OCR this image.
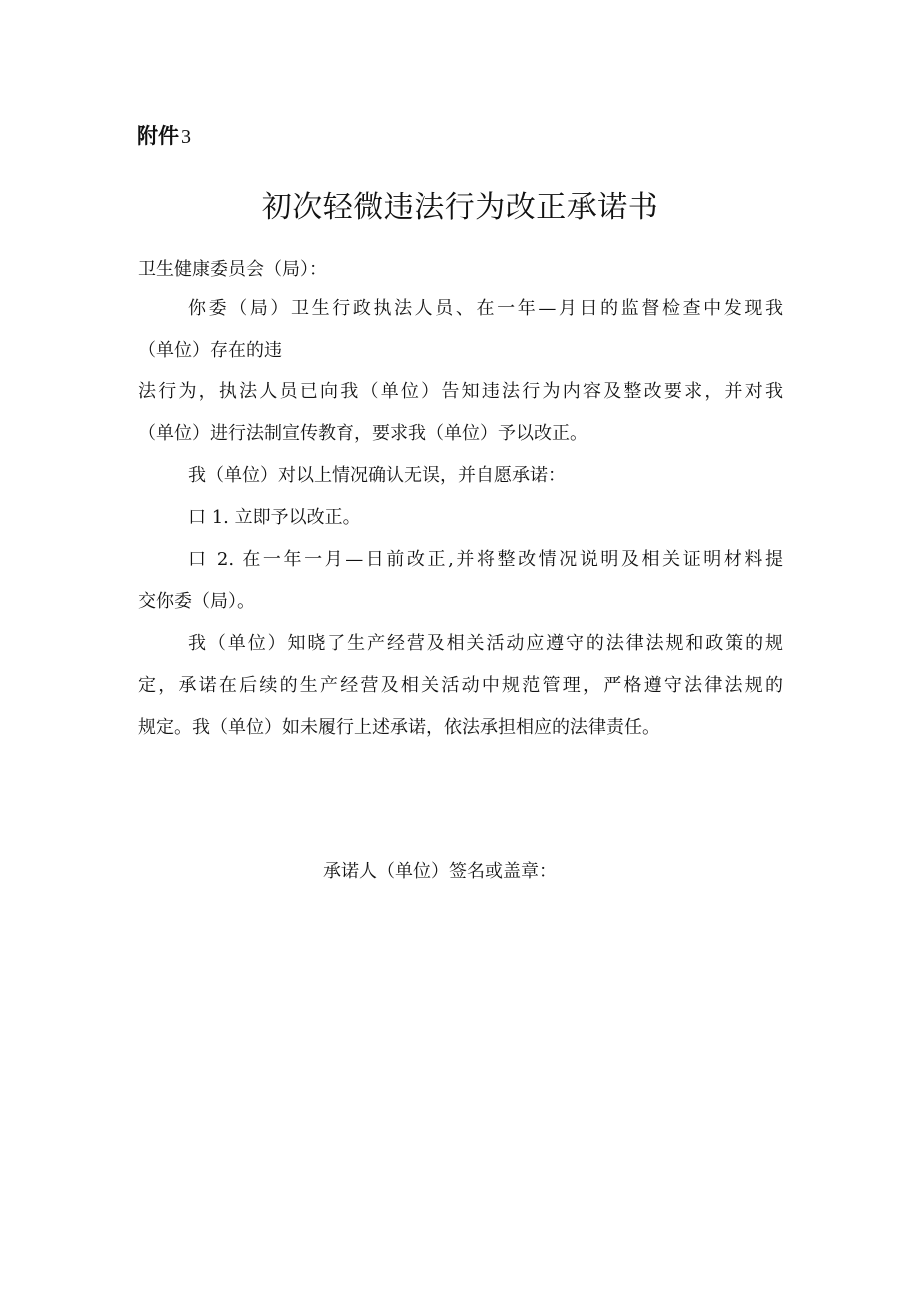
附件 3
初次轻微违法行为改正承诺书
卫生健康委员会（局）：
你委（局）卫生行政执法人员、在一年—月日的监督检查中发现我
（单位）存在的违
法行为，执法人员已向我（单位）告知违法行为内容及整改要求，并对我
（单位）进行法制宣传教育，要求我（单位）予以改正。
我（单位）对以上情况确认无误，并自愿承诺：
口 1. 立即予以改正。
口 2. 在一年一月—日前改正,并将整改情况说明及相关证明材料提
交你委（局）。
我（单位）知晓了生产经营及相关活动应遵守的法律法规和政策的规
定，承诺在后续的生产经营及相关活动中规范管理，严格遵守法律法规的
规定。我（单位）如未履行上述承诺，依法承担相应的法律责任。
承诺人（单位）签名或盖章：
